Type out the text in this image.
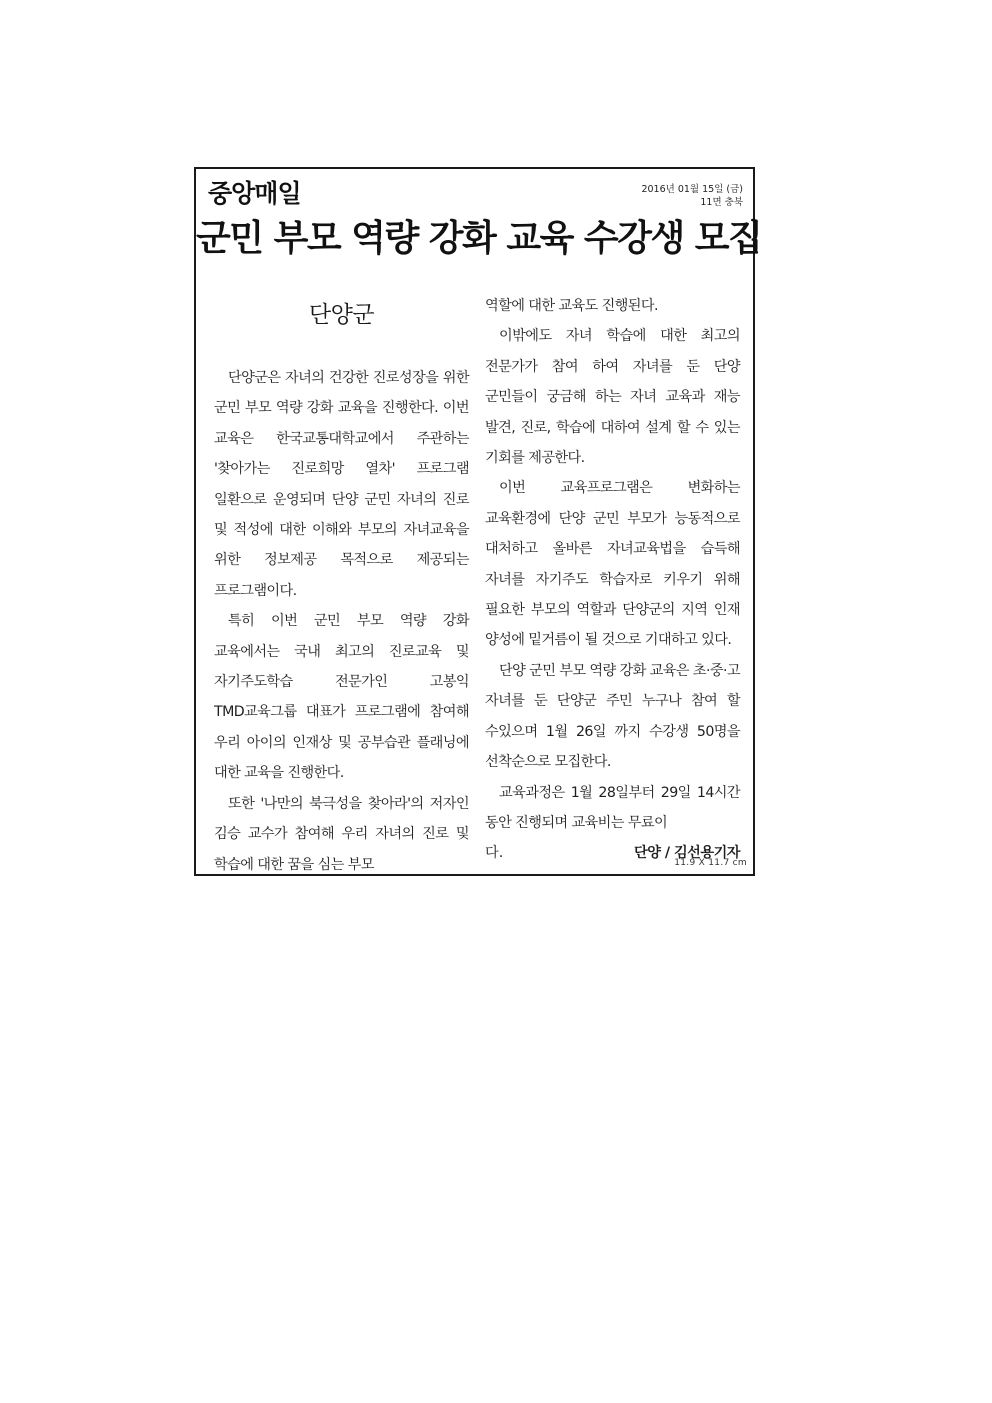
중앙매일	2016년 01월 15일 (금)
11면 충북
군민 부모 역량 강화 교육 수강생 모집
단양군

단양군은 자녀의 건강한 진로성장을 위한 군민 부모 역량 강화 교육을 진행한다. 이번 교육은 한국교통대학교에서 주관하는 '찾아가는 진로희망 열차' 프로그램 일환으로 운영되며 단양 군민 자녀의 진로 및 적성에 대한 이해와 부모의 자녀교육을 위한 정보제공 목적으로 제공되는 프로그램이다.

특히 이번 군민 부모 역량 강화 교육에서는 국내 최고의 진로교육 및 자기주도학습 전문가인 고봉익 TMD교육그룹 대표가 프로그램에 참여해 우리 아이의 인재상 및 공부습관 플래닝에 대한 교육을 진행한다.

또한 '나만의 북극성을 찾아라'의 저자인 김승 교수가 참여해 우리 자녀의 진로 및 학습에 대한 꿈을 심는 부모

역할에 대한 교육도 진행된다.

이밖에도 자녀 학습에 대한 최고의 전문가가 참여 하여 자녀를 둔 단양 군민들이 궁금해 하는 자녀 교육과 재능 발견, 진로, 학습에 대하여 설계 할 수 있는 기회를 제공한다.

이번 교육프로그램은 변화하는 교육환경에 단양 군민 부모가 능동적으로 대처하고 올바른 자녀교육법을 습득해 자녀를 자기주도 학습자로 키우기 위해 필요한 부모의 역할과 단양군의 지역 인재 양성에 밑거름이 될 것으로 기대하고 있다.

단양 군민 부모 역량 강화 교육은 초·중·고 자녀를 둔 단양군 주민 누구나 참여 할 수있으며 1월 26일 까지 수강생 50명을 선착순으로 모집한다.

교육과정은 1월 28일부터 29일 14시간 동안 진행되며 교육비는 무료이

다.	단양 / 김선용기자
11.9 X 11.7 cm
